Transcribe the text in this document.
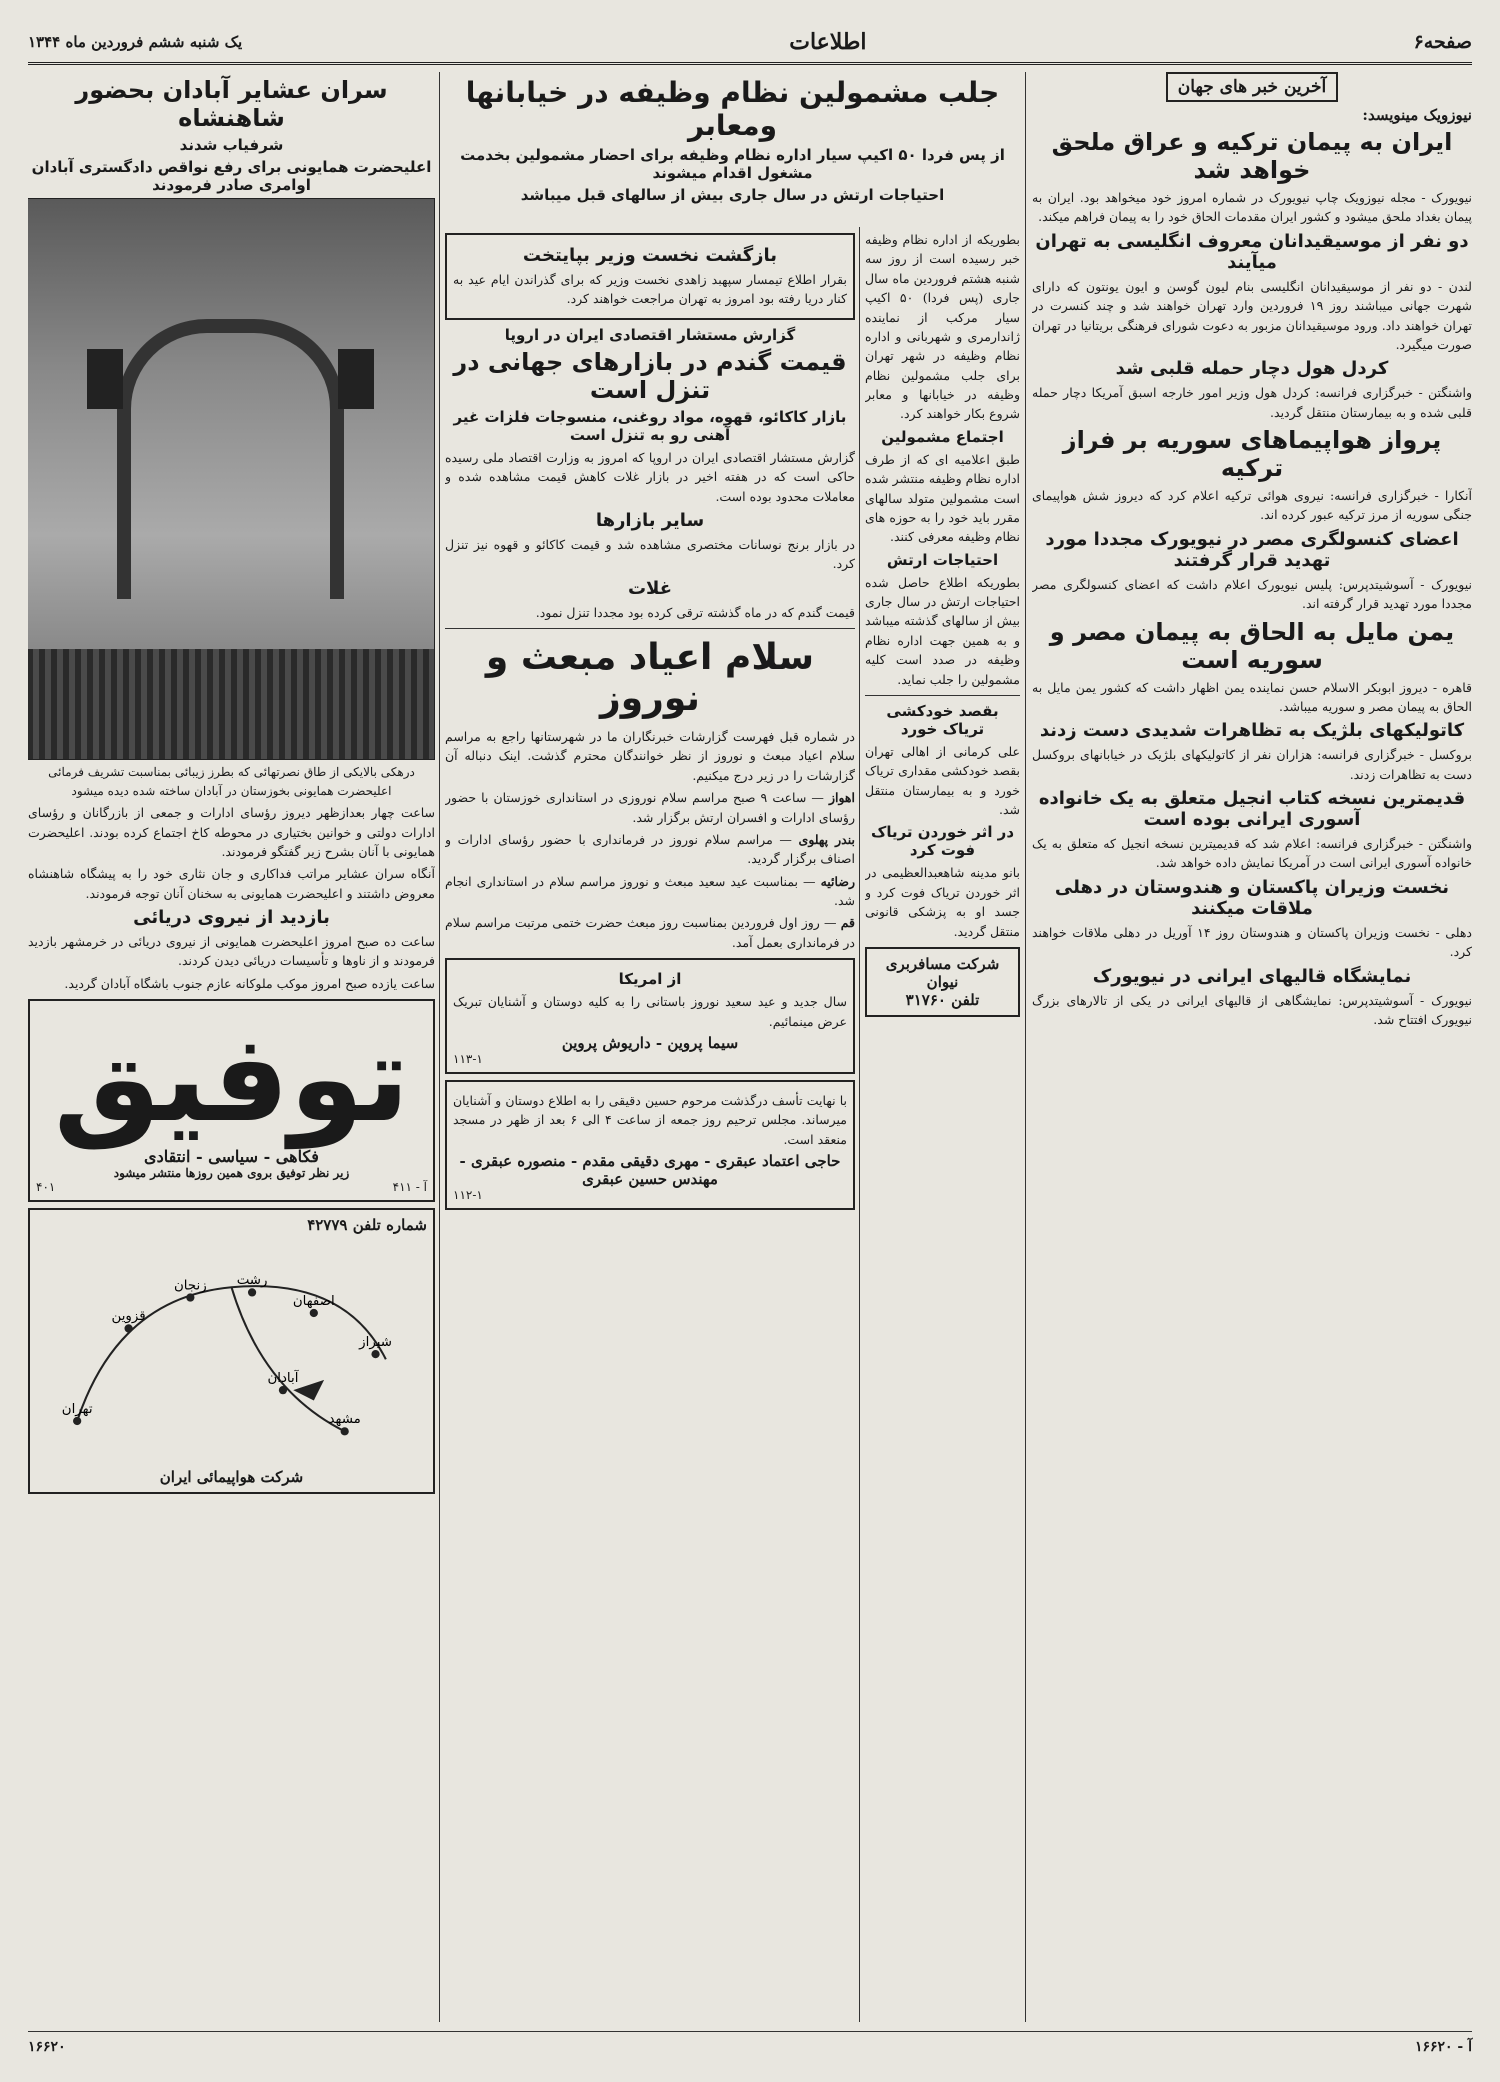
صفحه۶
اطلاعات
یک شنبه ششم فروردین ماه ۱۳۴۴
آخرین خبر های جهان
نیوزویک مینویسد:
ایران به پیمان ترکیه و عراق ملحق خواهد شد

نیویورک - مجله نیوزویک چاپ نیویورک در شماره امروز خود میخواهد بود. ایران به پیمان بغداد ملحق میشود و کشور ایران مقدمات الحاق خود را به پیمان فراهم میکند.

دو نفر از موسیقیدانان معروف انگلیسی به تهران میآیند

لندن - دو نفر از موسیقیدانان انگلیسی بنام لیون گوسن و ایون یونتون که دارای شهرت جهانی میباشند روز ۱۹ فروردین وارد تهران خواهند شد و چند کنسرت در تهران خواهند داد. ورود موسیقیدانان مزبور به دعوت شورای فرهنگی بریتانیا در تهران صورت میگیرد.

کردل هول دچار حمله قلبی شد

واشنگتن - خبرگزاری فرانسه: کردل هول وزیر امور خارجه اسبق آمریکا دچار حمله قلبی شده و به بیمارستان منتقل گردید.

پرواز هواپیماهای سوریه بر فراز ترکیه

آنکارا - خبرگزاری فرانسه: نیروی هوائی ترکیه اعلام کرد که دیروز شش هواپیمای جنگی سوریه از مرز ترکیه عبور کرده اند.

اعضای کنسولگری مصر در نیویورک مجددا مورد تهدید قرار گرفتند

نیویورک - آسوشیتدپرس: پلیس نیویورک اعلام داشت که اعضای کنسولگری مصر مجددا مورد تهدید قرار گرفته اند.

یمن مایل به الحاق به پیمان مصر و سوریه است

قاهره - دیروز ابوبکر الاسلام حسن نماینده یمن اظهار داشت که کشور یمن مایل به الحاق به پیمان مصر و سوریه میباشد.

کاتولیکهای بلژیک به تظاهرات شدیدی دست زدند

بروکسل - خبرگزاری فرانسه: هزاران نفر از کاتولیکهای بلژیک در خیابانهای بروکسل دست به تظاهرات زدند.

قدیمترین نسخه کتاب انجیل متعلق به یک خانواده آسوری ایرانی بوده است

واشنگتن - خبرگزاری فرانسه: اعلام شد که قدیمیترین نسخه انجیل که متعلق به یک خانواده آسوری ایرانی است در آمریکا نمایش داده خواهد شد.

نخست وزیران پاکستان و هندوستان در دهلی ملاقات میکنند

دهلی - نخست وزیران پاکستان و هندوستان روز ۱۴ آوریل در دهلی ملاقات خواهند کرد.

نمایشگاه قالیهای ایرانی در نیویورک

نیویورک - آسوشیتدپرس: نمایشگاهی از قالیهای ایرانی در یکی از تالارهای بزرگ نیویورک افتتاح شد.

جلب مشمولین نظام وظیفه در خیابانها ومعابر
از پس فردا ۵۰ اکیپ سیار اداره نظام وظیفه برای احضار مشمولین بخدمت مشغول اقدام میشوند
احتیاجات ارتش در سال جاری بیش از سالهای قبل میباشد

بطوریکه از اداره نظام وظیفه خبر رسیده است از روز سه شنبه هشتم فروردین ماه سال جاری (پس فردا) ۵۰ اکیپ سیار مرکب از نماینده ژاندارمری و شهربانی و اداره نظام وظیفه در شهر تهران برای جلب مشمولین نظام وظیفه در خیابانها و معابر شروع بکار خواهند کرد.

اجتماع مشمولین

طبق اعلامیه ای که از طرف اداره نظام وظیفه منتشر شده است مشمولین متولد سالهای مقرر باید خود را به حوزه های نظام وظیفه معرفی کنند.

احتیاجات ارتش

بطوریکه اطلاع حاصل شده احتیاجات ارتش در سال جاری بیش از سالهای گذشته میباشد و به همین جهت اداره نظام وظیفه در صدد است کلیه مشمولین را جلب نماید.

بقصد خودکشی تریاک خورد

علی کرمانی از اهالی تهران بقصد خودکشی مقداری تریاک خورد و به بیمارستان منتقل شد.

در اثر خوردن تریاک فوت کرد

بانو مدینه شاهعبدالعظیمی در اثر خوردن تریاک فوت کرد و جسد او به پزشکی قانونی منتقل گردید.

شرکت مسافربری نیوان
تلفن ۳۱۷۶۰
بازگشت نخست وزیر بپایتخت

بقرار اطلاع تیمسار سپهبد زاهدی نخست وزیر که برای گذراندن ایام عید به کنار دریا رفته بود امروز به تهران مراجعت خواهند کرد.

گزارش مستشار اقتصادی ایران در اروپا
قیمت گندم در بازارهای جهانی در تنزل است
بازار کاکائو، قهوه، مواد روغنی، منسوجات فلزات غیر آهنی رو به تنزل است

گزارش مستشار اقتصادی ایران در اروپا که امروز به وزارت اقتصاد ملی رسیده حاکی است که در هفته اخیر در بازار غلات کاهش قیمت مشاهده شده و معاملات محدود بوده است.

سایر بازارها

در بازار برنج نوسانات مختصری مشاهده شد و قیمت کاکائو و قهوه نیز تنزل کرد.

غلات

قیمت گندم که در ماه گذشته ترقی کرده بود مجددا تنزل نمود.

سلام اعیاد مبعث و نوروز

در شماره قبل فهرست گزارشات خبرنگاران ما در شهرستانها راجع به مراسم سلام اعیاد مبعث و نوروز از نظر خوانندگان محترم گذشت. اینک دنباله آن گزارشات را در زیر درج میکنیم.

اهواز — ساعت ۹ صبح مراسم سلام نوروزی در استانداری خوزستان با حضور رؤسای ادارات و افسران ارتش برگزار شد.

بندر پهلوی — مراسم سلام نوروز در فرمانداری با حضور رؤسای ادارات و اصناف برگزار گردید.

رضائیه — بمناسبت عید سعید مبعث و نوروز مراسم سلام در استانداری انجام شد.

قم — روز اول فروردین بمناسبت روز مبعث حضرت ختمی مرتبت مراسم سلام در فرمانداری بعمل آمد.

از امریکا

سال جدید و عید سعید نوروز باستانی را به کلیه دوستان و آشنایان تبریک عرض مینمائیم.

سیما پروین - داریوش پروین
۱۱۳-۱

با نهایت تأسف درگذشت مرحوم حسین دقیقی را به اطلاع دوستان و آشنایان میرساند. مجلس ترحیم روز جمعه از ساعت ۴ الی ۶ بعد از ظهر در مسجد منعقد است.

حاجی اعتماد عبقری - مهری دقیقی مقدم - منصوره عبقری - مهندس حسین عبقری
۱۱۲-۱
سران عشایر آبادان بحضور شاهنشاه
شرفیاب شدند
اعلیحضرت همایونی برای رفع نواقص دادگستری آبادان اوامری صادر فرمودند

درهکی بالایکی از طاق نصرتهائی که بطرز زیبائی بمناسبت تشریف فرمائی اعلیحضرت همایونی بخوزستان در آبادان ساخته شده دیده میشود

ساعت چهار بعدازظهر دیروز رؤسای ادارات و جمعی از بازرگانان و رؤسای ادارات دولتی و خوانین بختیاری در محوطه کاخ اجتماع کرده بودند. اعلیحضرت همایونی با آنان بشرح زیر گفتگو فرمودند.

آنگاه سران عشایر مراتب فداکاری و جان نثاری خود را به پیشگاه شاهنشاه معروض داشتند و اعلیحضرت همایونی به سخنان آنان توجه فرمودند.

بازدید از نیروی دریائی

ساعت ده صبح امروز اعلیحضرت همایونی از نیروی دریائی در خرمشهر بازدید فرمودند و از ناوها و تأسیسات دریائی دیدن کردند.

ساعت یازده صبح امروز موکب ملوکانه عازم جنوب باشگاه آبادان گردید.

توفیق
فکاهی - سیاسی - انتقادی
زیر نظر توفیق بروی همین روزها منتشر میشود
آ - ۴۱۱
۴۰۱
شماره تلفن ۴۲۷۷۹
تهران
قزوین
زنجان رشت
اصفهان
شیراز
آبادان
مشهد
شرکت هواپیمائی ایران
آ - ۱۶۶۲۰
۱۶۶۲۰
